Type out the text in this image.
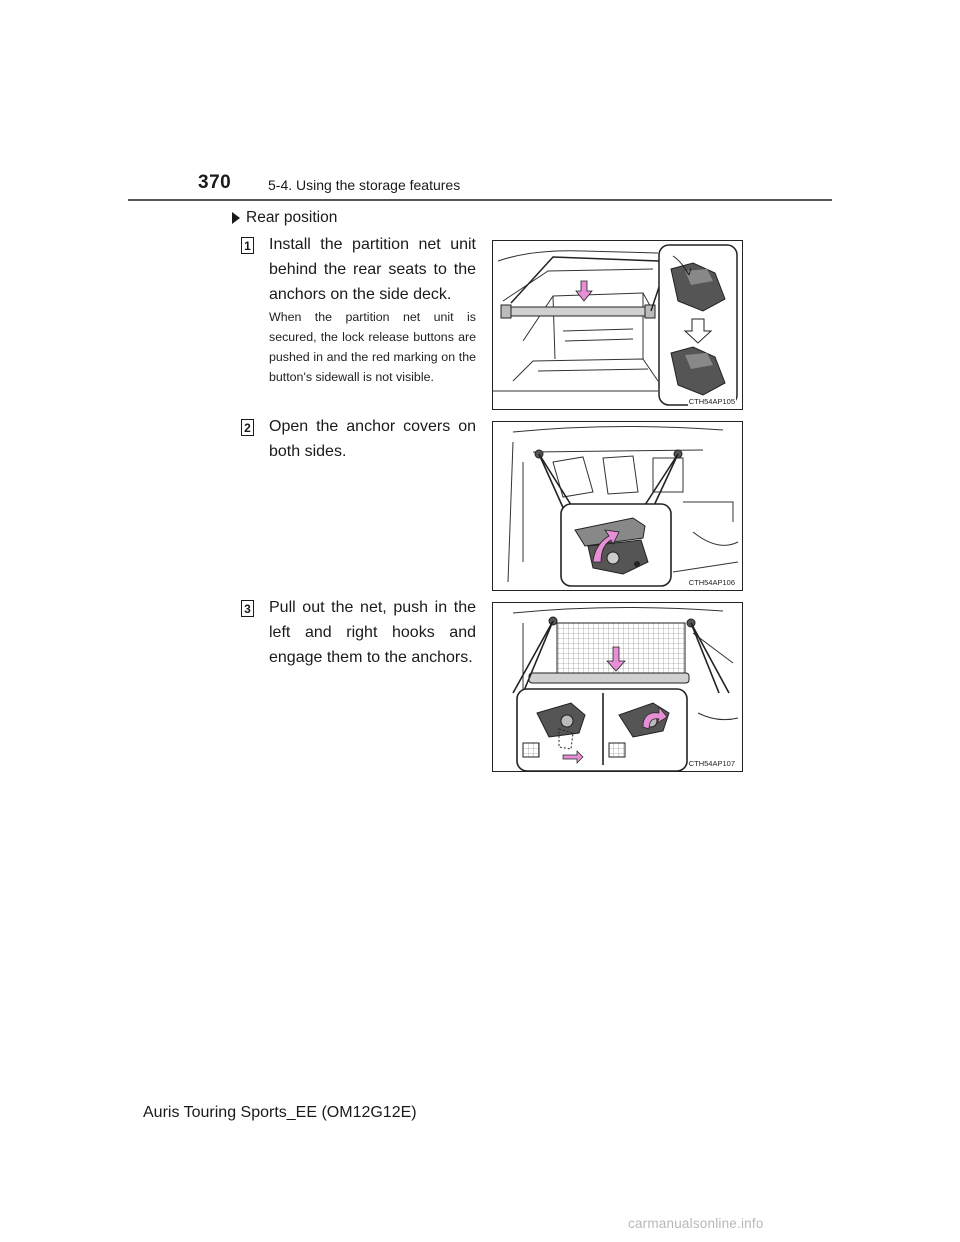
370	5-4. Using the storage features
Rear position
1 Install the partition net unit behind the rear seats to the anchors on the side deck.
When the partition net unit is secured, the lock release buttons are pushed in and the red marking on the button's sidewall is not visible.
CTH54AP105
2 Open the anchor covers on both sides.
CTH54AP106
3 Pull out the net, push in the left and right hooks and engage them to the anchors.
CTH54AP107
Auris Touring Sports_EE (OM12G12E)
carmanualsonline.info
